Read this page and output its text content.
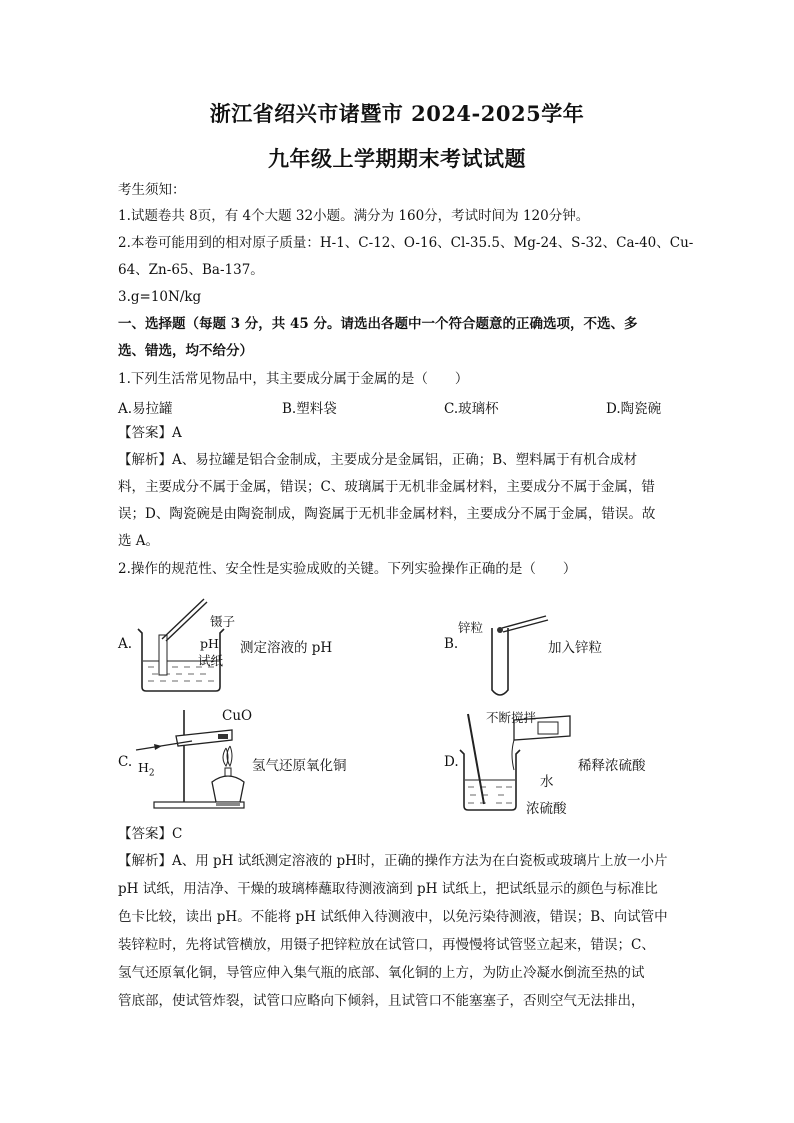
浙江省绍兴市诸暨市 2024-2025学年
九年级上学期期末考试试题
考生须知：
1.试题卷共 8页，有 4个大题 32小题。满分为 160分，考试时间为 120分钟。
2.本卷可能用到的相对原子质量：H-1、C-12、O-16、Cl-35.5、Mg-24、S-32、Ca-40、Cu-
64、Zn-65、Ba-137。
3.g=10N/kg
一、选择题（每题 3 分，共 45 分。请选出各题中一个符合题意的正确选项，不选、多
选、错选，均不给分）
1.下列生活常见物品中，其主要成分属于金属的是（　　）
A.易拉罐	B.塑料袋	C.玻璃杯	D.陶瓷碗
【答案】A
【解析】A、易拉罐是铝合金制成，主要成分是金属铝，正确；B、塑料属于有机合成材
料，主要成分不属于金属，错误；C、玻璃属于无机非金属材料，主要成分不属于金属，错
误；D、陶瓷碗是由陶瓷制成，陶瓷属于无机非金属材料，主要成分不属于金属，错误。故
选 A。
2.操作的规范性、安全性是实验成败的关键。下列实验操作正确的是（　　）
A.
镊子
pH
试纸
测定溶液的 pH	B.
锌粒
加入锌粒
C.
CuO
$H_2$	氢气还原氧化铜	D.
不断搅拌
水
稀释浓硫酸
浓硫酸
【答案】C
【解析】A、用 pH 试纸测定溶液的 pH时，正确的操作方法为在白瓷板或玻璃片上放一小片
pH 试纸，用洁净、干燥的玻璃棒蘸取待测液滴到 pH 试纸上，把试纸显示的颜色与标准比
色卡比较，读出 pH。不能将 pH 试纸伸入待测液中，以免污染待测液，错误；B、向试管中
装锌粒时，先将试管横放，用镊子把锌粒放在试管口，再慢慢将试管竖立起来，错误；C、
氢气还原氧化铜，导管应伸入集气瓶的底部、氧化铜的上方，为防止冷凝水倒流至热的试
管底部，使试管炸裂，试管口应略向下倾斜，且试管口不能塞塞子，否则空气无法排出，
